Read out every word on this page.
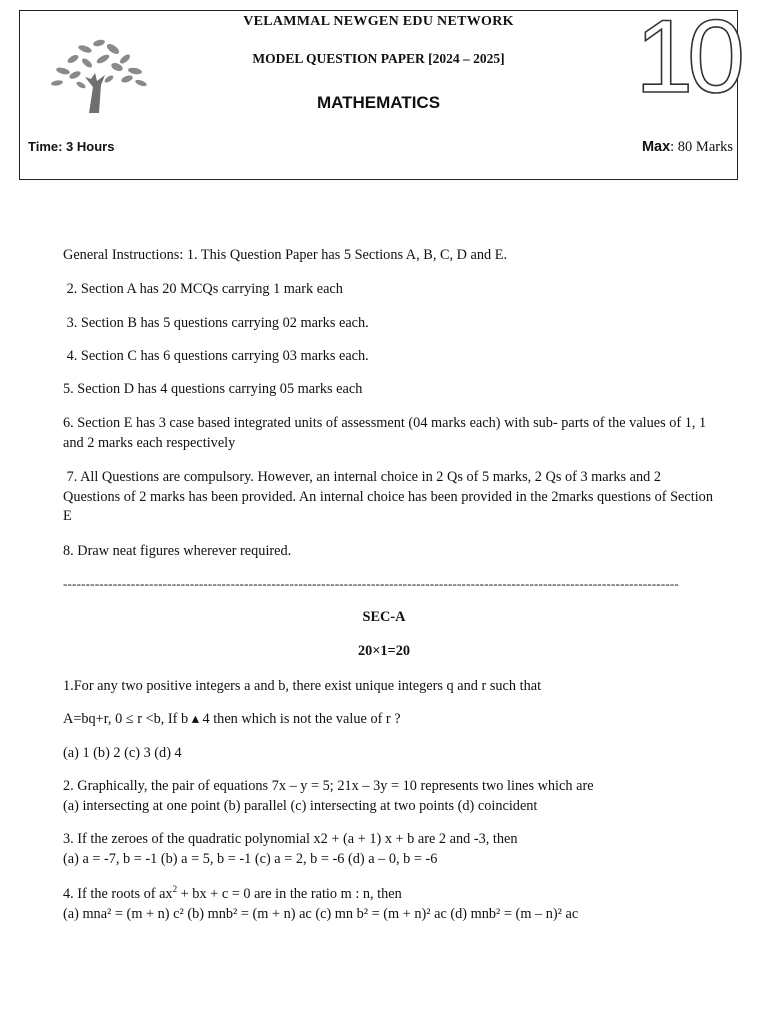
VELAMMAL NEWGEN EDU NETWORK
MODEL QUESTION PAPER [2024 – 2025]
MATHEMATICS	10
Time: 3 Hours	Max: 80 Marks
General Instructions: 1. This Question Paper has 5 Sections A, B, C, D and E.
2. Section A has 20 MCQs carrying 1 mark each
3. Section B has 5 questions carrying 02 marks each.
4. Section C has 6 questions carrying 03 marks each.
5. Section D has 4 questions carrying 05 marks each
6. Section E has 3 case based integrated units of assessment (04 marks each) with sub- parts of the values of 1, 1 and 2 marks each respectively
7. All Questions are compulsory. However, an internal choice in 2 Qs of 5 marks, 2 Qs of 3 marks and 2 Questions of 2 marks has been provided. An internal choice has been provided in the 2marks questions of Section E
8. Draw neat figures wherever required.
----------------------------------------------------------------------------------------------------------------------------------------
SEC-A
20×1=20
1.For any two positive integers a and b, there exist unique integers q and r such that
A=bq+r, 0 ≤ r <b, If b ▴ 4 then which is not the value of r ?
(a) 1 (b) 2 (c) 3 (d) 4
2. Graphically, the pair of equations 7x – y = 5; 21x – 3y = 10 represents two lines which are
(a) intersecting at one point (b) parallel (c) intersecting at two points (d) coincident
3. If the zeroes of the quadratic polynomial x2 + (a + 1) x + b are 2 and -3, then
(a) a = -7, b = -1 (b) a = 5, b = -1 (c) a = 2, b = -6 (d) a – 0, b = -6
4. If the roots of $ax^2$ + bx + c = 0 are in the ratio m : n, then
(a) mna² = (m + n) c² (b) mnb² = (m + n) ac (c) mn b² = (m + n)² ac (d) mnb² = (m – n)² ac
